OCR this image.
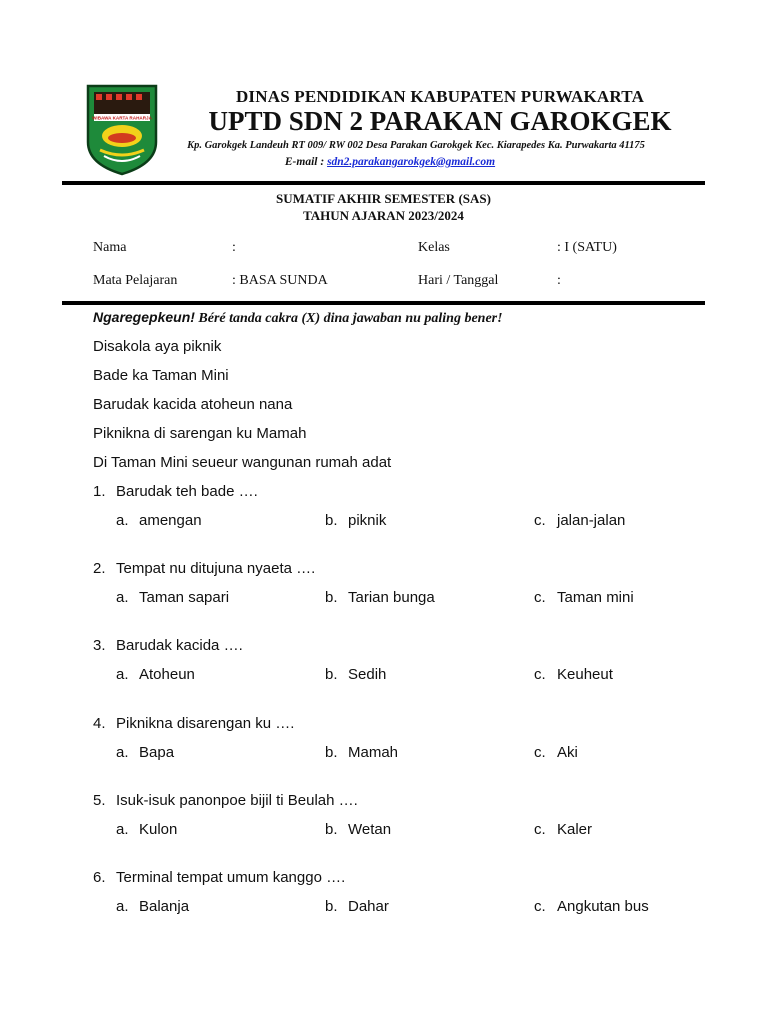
WIBAWA KARTA RAHARJA
DINAS PENDIDIKAN KABUPATEN PURWAKARTA
UPTD SDN 2 PARAKAN GAROKGEK
Kp. Garokgek Landeuh RT 009/ RW 002 Desa Parakan Garokgek Kec. Kiarapedes Ka. Purwakarta 41175
E-mail : sdn2.parakangarokgek@gmail.com
SUMATIF AKHIR SEMESTER (SAS)
TAHUN AJARAN 2023/2024
Nama	:	Kelas	: I (SATU)
Mata Pelajaran	: BASA SUNDA	Hari / Tanggal	:
Ngaregepkeun! Béré tanda cakra (X) dina jawaban nu paling bener!
Disakola aya piknik
Bade ka Taman Mini
Barudak kacida atoheun nana
Piknikna di sarengan ku Mamah
Di Taman Mini seueur wangunan rumah adat
1. Barudak teh bade ….
a. amengan	b. piknik	c. jalan-jalan
2. Tempat nu ditujuna nyaeta ….
a. Taman sapari	b. Tarian bunga	c. Taman mini
3. Barudak kacida ….
a. Atoheun	b. Sedih	c. Keuheut
4. Piknikna disarengan ku ….
a. Bapa	b. Mamah	c. Aki
5. Isuk-isuk panonpoe bijil ti Beulah ….
a. Kulon	b. Wetan	c. Kaler
6. Terminal tempat umum kanggo ….
a. Balanja	b. Dahar	c. Angkutan bus
